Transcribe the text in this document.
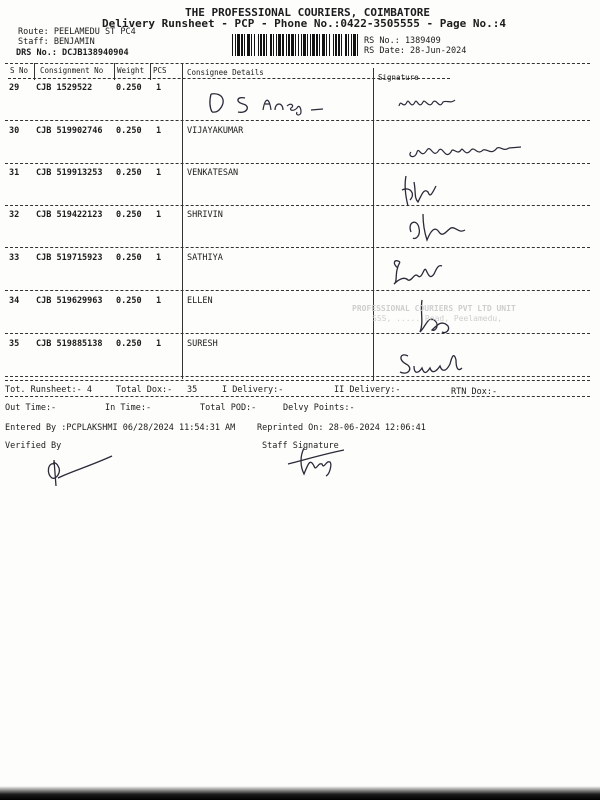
THE PROFESSIONAL COURIERS, COIMBATORE
Delivery Runsheet - PCP - Phone No.:0422-3505555 - Page No.:4
Route: PEELAMEDU ST PC4
Staff: BENJAMIN
DRS No.: DCJB138940904
RS No.: 1389409
RS Date: 28-Jun-2024
S No Consignment No Weight PCS	Consignee Details
Signature
29 CJB 1529522	0.250 1
30 CJB 519902746 0.250 1	VIJAYAKUMAR
31 CJB 519913253 0.250 1	VENKATESAN
32 CJB 519422123 0.250 1	SHRIVIN
33 CJB 519715923 0.250 1	SATHIYA
34 CJB 519629963 0.250 1	ELLEN
35 CJB 519885138 0.250 1	SURESH
PROFESSIONAL COURIERS PVT LTD UNIT
SSS, ..... Road, Peelamedu,
Tot. Runsheet:- 4	Total Dox:- 35	I Delivery:-	II Delivery:-	RTN Dox:-
Out Time:-	In Time:-	Total POD:-	Delvy Points:-
Entered By :PCPLAKSHMI 06/28/2024 11:54:31 AM	Reprinted On: 28-06-2024 12:06:41
Verified By	Staff Signature
